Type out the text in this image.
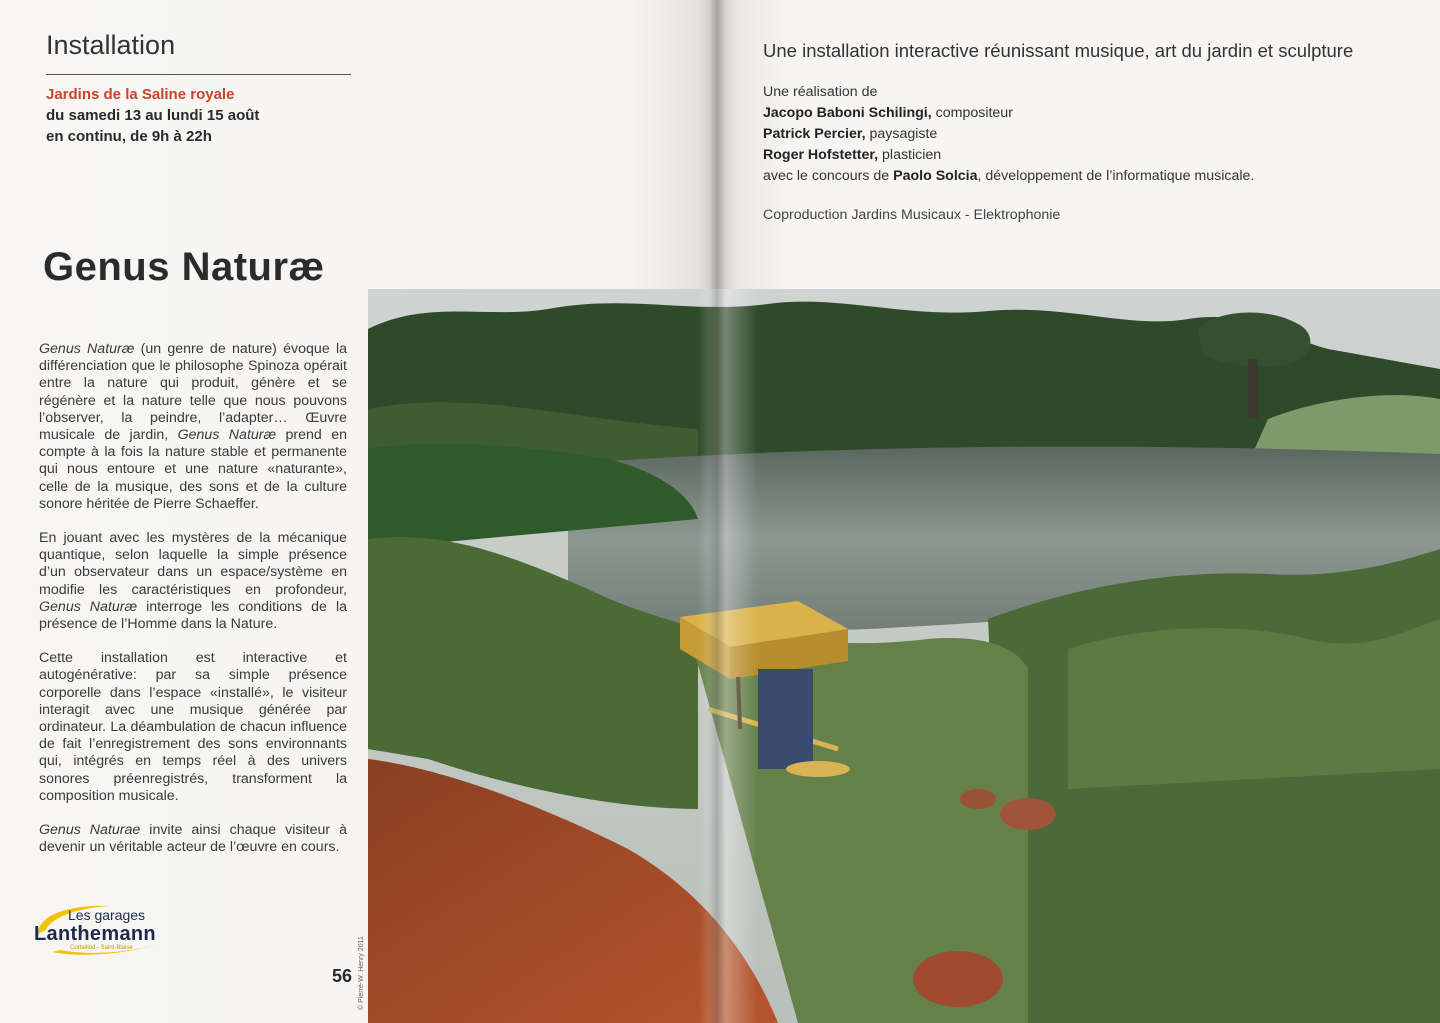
Installation
Jardins de la Saline royale
du samedi 13 au lundi 15 août
en continu, de 9h à 22h
Genus Naturæ

Genus Naturæ (un genre de nature) évoque la différenciation que le philosophe Spinoza opérait entre la nature qui produit, génère et se régénère et la nature telle que nous pouvons l’observer, la peindre, l’adapter… Œuvre musicale de jardin, Genus Naturæ prend en compte à la fois la nature stable et permanente qui nous entoure et une nature «naturante», celle de la musique, des sons et de la culture sonore héritée de Pierre Schaeffer.

En jouant avec les mystères de la mécanique quantique, selon laquelle la simple présence d’un observateur dans un espace/système en modifie les caractéristiques en profondeur, Genus Naturæ interroge les conditions de la présence de l’Homme dans la Nature.

Cette installation est interactive et autogénérative: par sa simple présence corporelle dans l’espace «installé», le visiteur interagit avec une musique générée par ordinateur. La déambulation de chacun influence de fait l’enregistrement des sons environnants qui, intégrés en temps réel à des univers sonores préenregistrés, transforment la composition musicale.

Genus Naturae invite ainsi chaque visiteur à devenir un véritable acteur de l’œuvre en cours.

Les garages
Lanthemann
Cortaillod - Saint-Blaise
56
Une installation interactive réunissant musique, art du jardin et sculpture
Une réalisation de
Jacopo Baboni Schilingi, compositeur
Patrick Percier, paysagiste
Roger Hofstetter, plasticien
avec le concours de Paolo Solcia, développement de l’informatique musicale.
Coproduction Jardins Musicaux - Elektrophonie
© Pierre-W. Henry 2011
